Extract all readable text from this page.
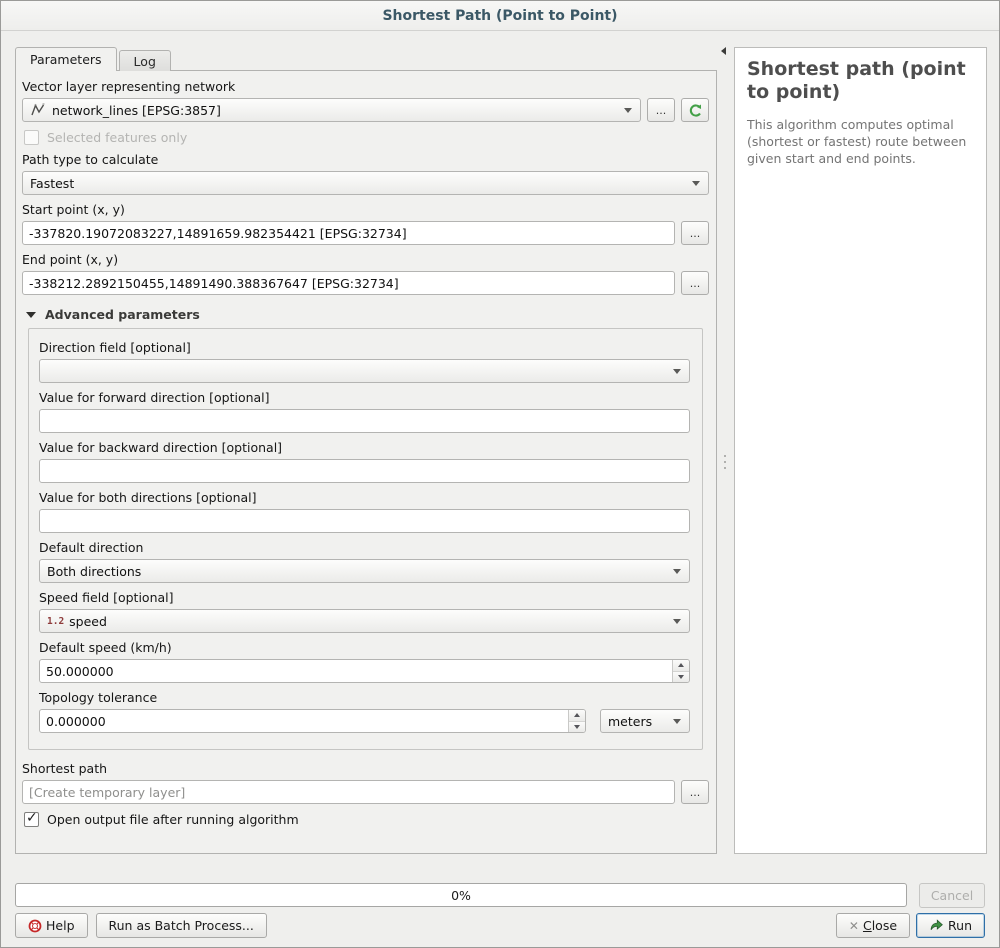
Shortest Path (Point to Point)
Parameters	Log
Vector layer representing network
network_lines [EPSG:3857]	...
Selected features only
Path type to calculate
Fastest
Start point (x, y)
-337820.19072083227,14891659.982354421 [EPSG:32734]
...
End point (x, y)
-338212.2892150455,14891490.388367647 [EPSG:32734]
...
Advanced parameters
Direction field [optional]
Value for forward direction [optional]
Value for backward direction [optional]
Value for both directions [optional]
Default direction
Both directions
Speed field [optional]
1.2 speed
Default speed (km/h)
50.000000
Topology tolerance
0.000000
meters
Shortest path
[Create temporary layer]
...
✓
Open output file after running algorithm
Shortest path (point to point)

This algorithm computes optimal (shortest or fastest) route between given start and end points.

0%	Cancel
Help	Run as Batch Process...	✕ Close	Run
